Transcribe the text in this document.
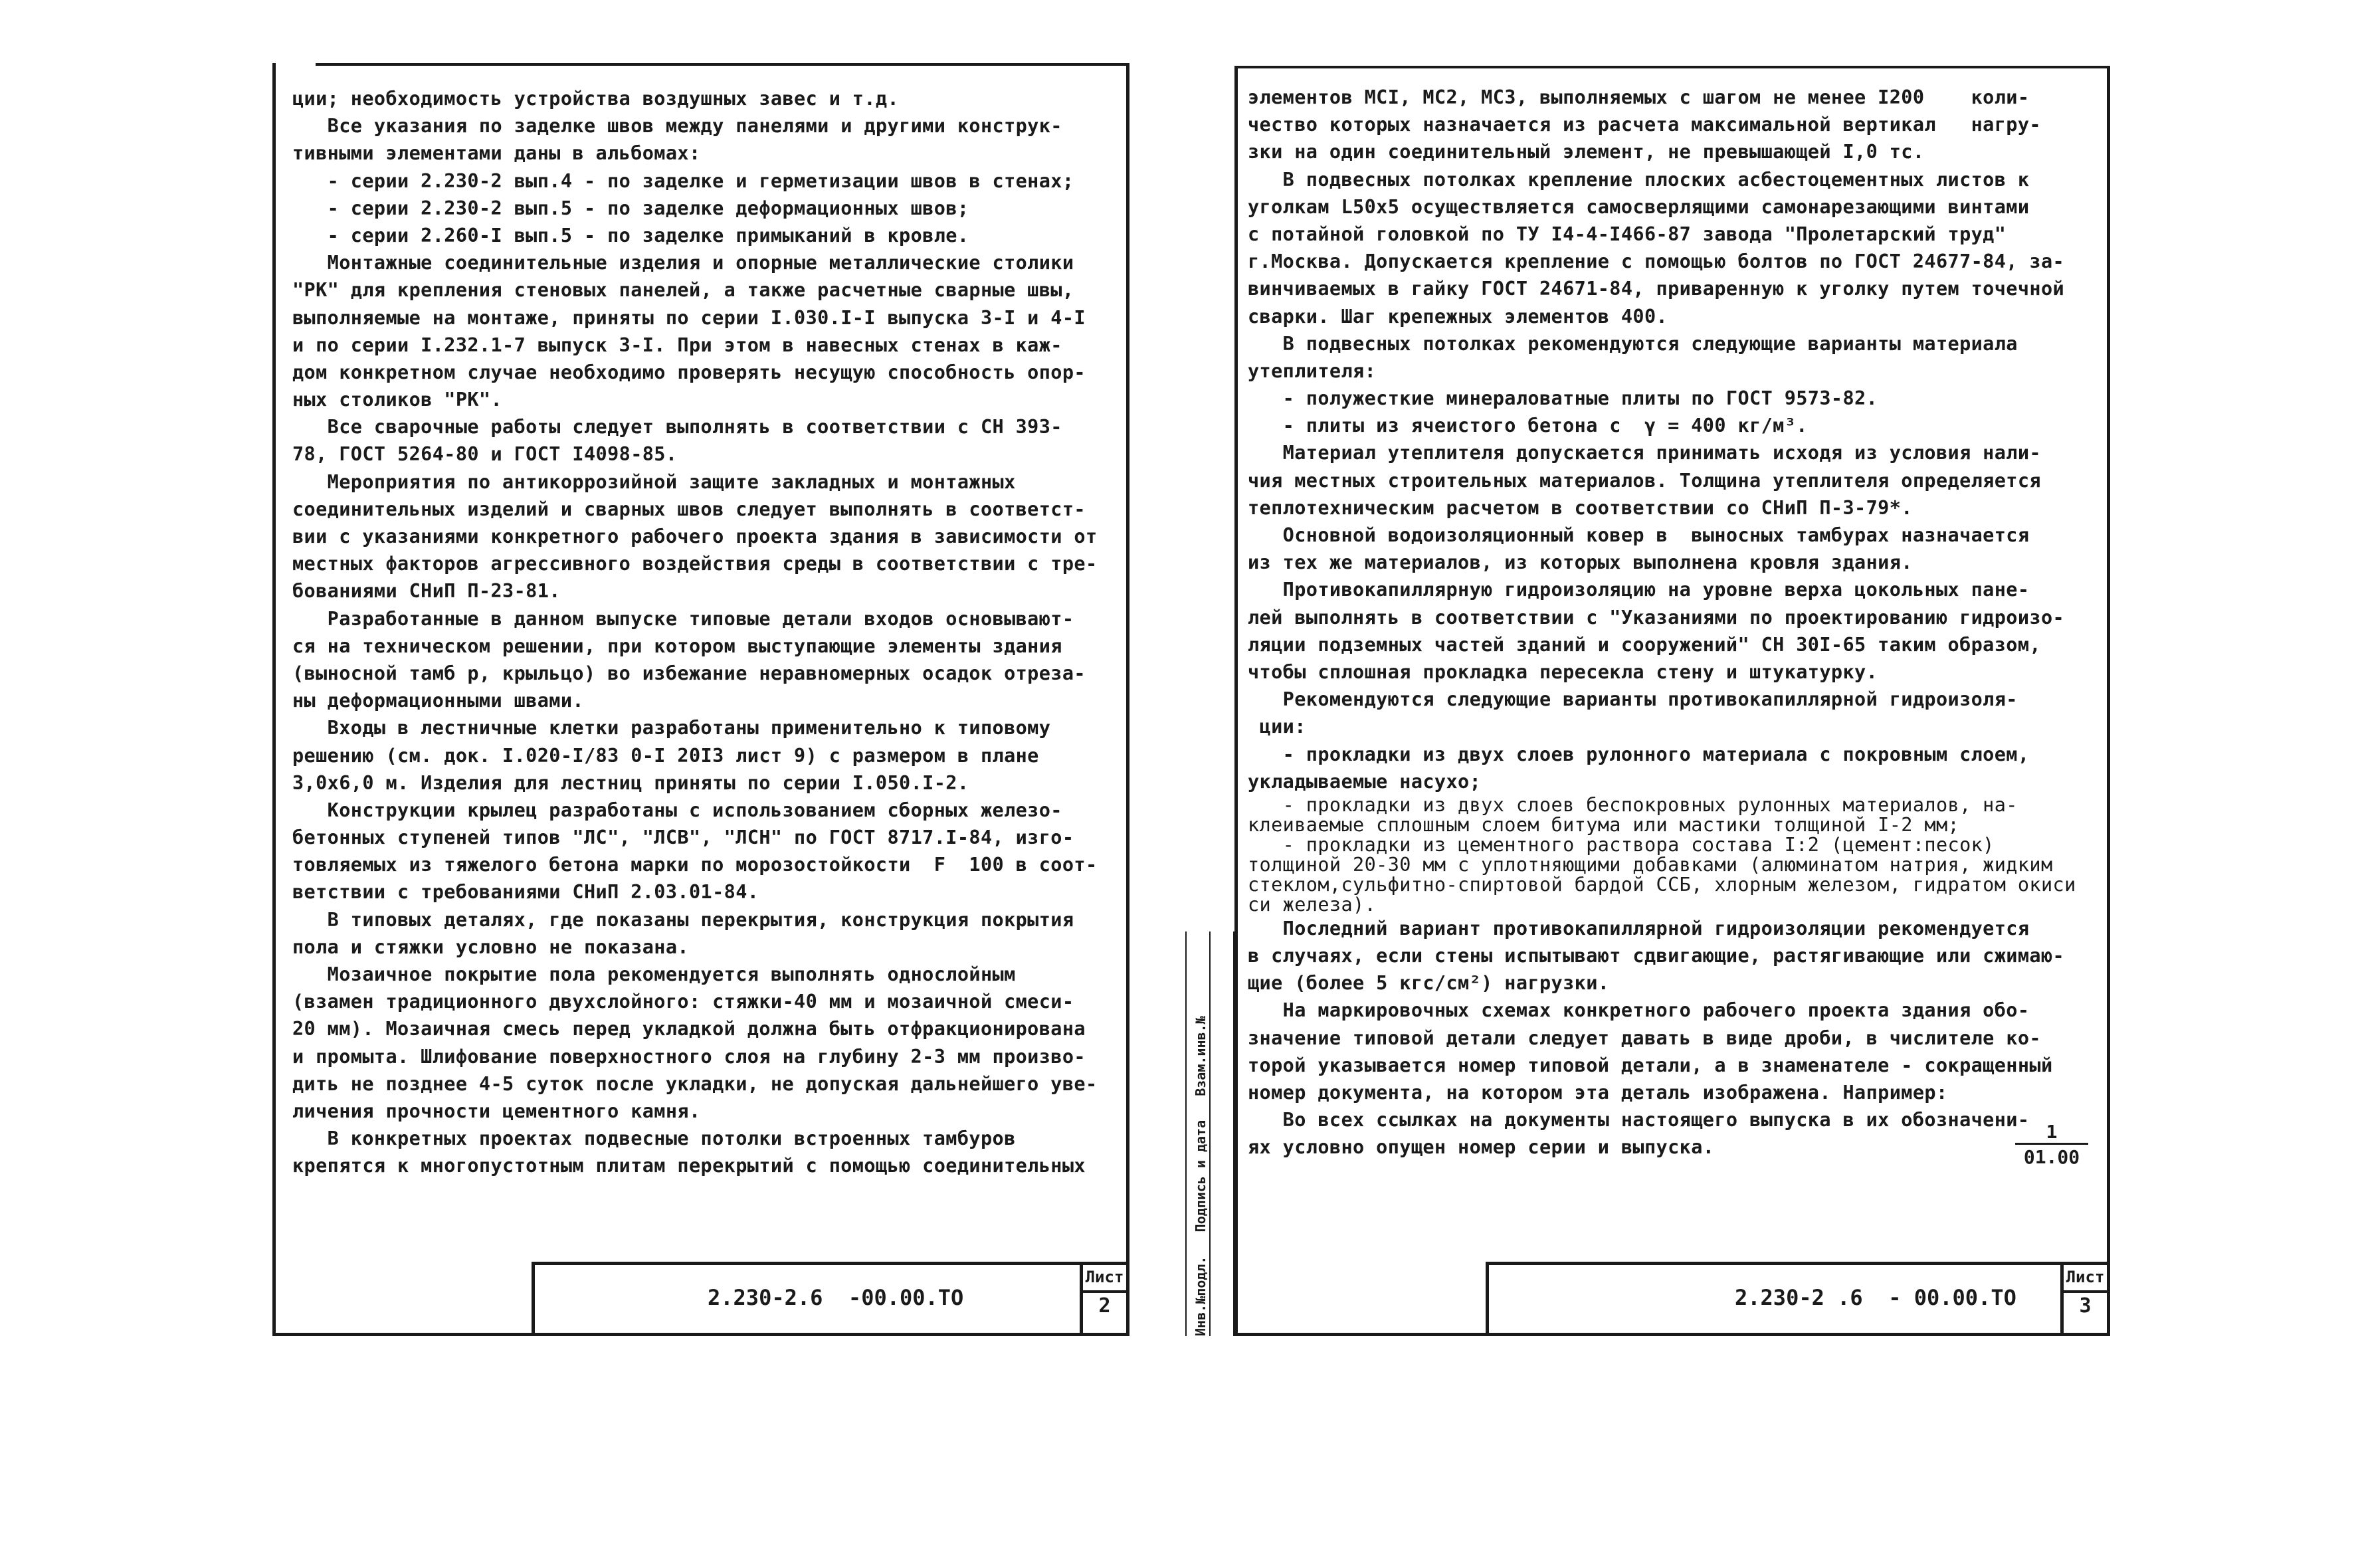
ции; необходимость устройства воздушных завес и т.д.
Все указания по заделке швов между панелями и другими конструк-
тивными элементами даны в альбомах:
- серии 2.230-2 вып.4 - по заделке и герметизации швов в стенах;
- серии 2.230-2 вып.5 - по заделке деформационных швов;
- серии 2.260-I вып.5 - по заделке примыканий в кровле.
Монтажные соединительные изделия и опорные металлические столики
"РК" для крепления стеновых панелей, а также расчетные сварные швы,
выполняемые на монтаже, приняты по серии I.030.I-I выпуска 3-I и 4-I
и по серии I.232.1-7 выпуск 3-I. При этом в навесных стенах в каж-
дом конкретном случае необходимо проверять несущую способность опор-
ных столиков "РК".
Все сварочные работы следует выполнять в соответствии с СН 393-
78, ГОСТ 5264-80 и ГОСТ I4098-85.
Мероприятия по антикоррозийной защите закладных и монтажных
соединительных изделий и сварных швов следует выполнять в соответст-
вии с указаниями конкретного рабочего проекта здания в зависимости от
местных факторов агрессивного воздействия среды в соответствии с тре-
бованиями СНиП П-23-81.
Разработанные в данном выпуске типовые детали входов основывают-
ся на техническом решении, при котором выступающие элементы здания
(выносной тамб р, крыльцо) во избежание неравномерных осадок отреза-
ны деформационными швами.
Входы в лестничные клетки разработаны применительно к типовому
решению (см. док. I.020-I/83 0-I 20I3 лист 9) с размером в плане
3,0х6,0 м. Изделия для лестниц приняты по серии I.050.I-2.
Конструкции крылец разработаны с использованием сборных железо-
бетонных ступеней типов "ЛС", "ЛСВ", "ЛСН" по ГОСТ 8717.I-84, изго-
товляемых из тяжелого бетона марки по морозостойкости  F  100 в соот-
ветствии с требованиями СНиП 2.03.01-84.
В типовых деталях, где показаны перекрытия, конструкция покрытия
пола и стяжки условно не показана.
Мозаичное покрытие пола рекомендуется выполнять однослойным
(взамен традиционного двухслойного: стяжки-40 мм и мозаичной смеси-
20 мм). Мозаичная смесь перед укладкой должна быть отфракционирована
и промыта. Шлифование поверхностного слоя на глубину 2-3 мм произво-
дить не позднее 4-5 суток после укладки, не допуская дальнейшего уве-
личения прочности цементного камня.
В конкретных проектах подвесные потолки встроенных тамбуров
крепятся к многопустотным плитам перекрытий с помощью соединительных
2.230-2.6  -00.00.ТО
Лист
2	Инв.№подл.   Подпись и дата   Взам.инв.№
элементов МСI, МС2, МС3, выполняемых с шагом не менее I200    коли-
чество которых назначается из расчета максимальной вертикал   нагру-
зки на один соединительный элемент, не превышающей I,0 тс.
В подвесных потолках крепление плоских асбестоцементных листов к
уголкам L50х5 осуществляется самосверлящими самонарезающими винтами
с потайной головкой по ТУ I4-4-I466-87 завода "Пролетарский труд"
г.Москва. Допускается крепление с помощью болтов по ГОСТ 24677-84, за-
винчиваемых в гайку ГОСТ 24671-84, приваренную к уголку путем точечной
сварки. Шаг крепежных элементов 400.
В подвесных потолках рекомендуются следующие варианты материала
утеплителя:
- полужесткие минераловатные плиты по ГОСТ 9573-82.
- плиты из ячеистого бетона с  γ = 400 кг/м³.
Материал утеплителя допускается принимать исходя из условия нали-
чия местных строительных материалов. Толщина утеплителя определяется
теплотехническим расчетом в соответствии со СНиП П-3-79*.
Основной водоизоляционный ковер в  выносных тамбурах назначается
из тех же материалов, из которых выполнена кровля здания.
Противокапиллярную гидроизоляцию на уровне верха цокольных пане-
лей выполнять в соответствии с "Указаниями по проектированию гидроизо-
ляции подземных частей зданий и сооружений" СН 30I-65 таким образом,
чтобы сплошная прокладка пересекла стену и штукатурку.
Рекомендуются следующие варианты противокапиллярной гидроизоля-
ции:
- прокладки из двух слоев рулонного материала с покровным слоем,
укладываемые насухо;
- прокладки из двух слоев беспокровных рулонных материалов, на-
клеиваемые сплошным слоем битума или мастики толщиной I-2 мм;
- прокладки из цементного раствора состава I:2 (цемент:песок)
толщиной 20-30 мм с уплотняющими добавками (алюминатом натрия, жидким
стеклом,сульфитно-спиртовой бардой ССБ, хлорным железом, гидратом окиси
си железа).
Последний вариант противокапиллярной гидроизоляции рекомендуется
в случаях, если стены испытывают сдвигающие, растягивающие или сжимаю-
щие (более 5 кгс/см²) нагрузки.
На маркировочных схемах конкретного рабочего проекта здания обо-
значение типовой детали следует давать в виде дроби, в числителе ко-
торой указывается номер типовой детали, а в знаменателе - сокращенный
номер документа, на котором эта деталь изображена. Например:
Во всех ссылках на документы настоящего выпуска в их обозначени-
ях условно опущен номер серии и выпуска.	$\frac{1}{01.00}$
2.230-2 .6  - 00.00.ТО
Лист
3
